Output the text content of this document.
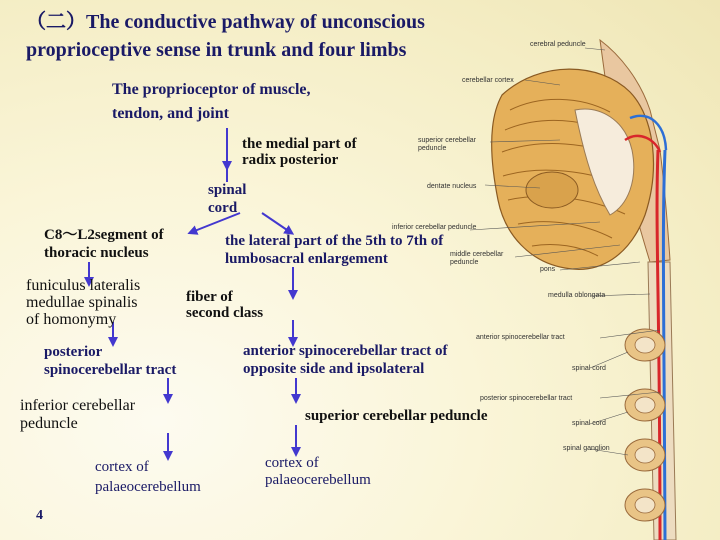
cerebral peduncle
cerebellar cortex
superior cerebellar
peduncle
dentate nucleus
inferior cerebellar peduncle
middle cerebellar
peduncle
pons
medulla oblongata
anterior spinocerebellar tract
spinal cord
posterior spinocerebellar tract
spinal cord
spinal ganglion
（二）The conductive pathway of unconscious
proprioceptive sense in trunk and four limbs
The proprioceptor of muscle,
tendon, and joint
the medial part of
radix posterior
spinal
cord
C8～L2segment of
thoracic nucleus
the lateral part of the 5th to 7th of
lumbosacral enlargement
funiculus lateralis
medullae spinalis
of homonymy
fiber of
second class
posterior
spinocerebellar tract
anterior spinocerebellar tract of
opposite side and ipsolateral
inferior cerebellar
peduncle	superior cerebellar peduncle
cortex of
palaeocerebellum
cortex of
palaeocerebellum
4
